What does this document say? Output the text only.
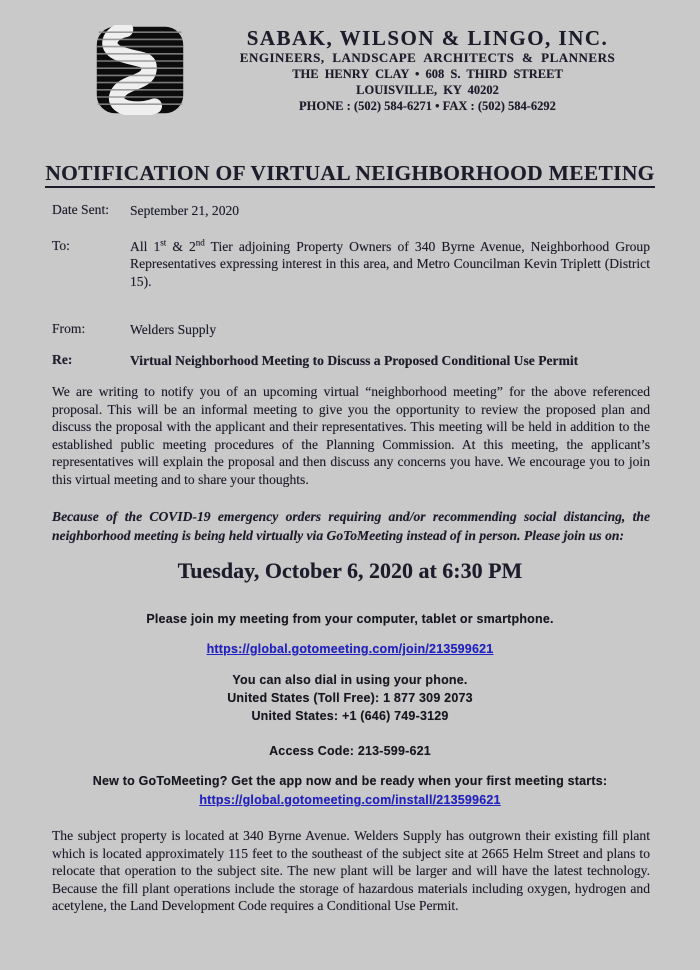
SABAK, WILSON & LINGO, INC.
ENGINEERS, LANDSCAPE ARCHITECTS & PLANNERS
THE HENRY CLAY • 608 S. THIRD STREET
LOUISVILLE, KY 40202
PHONE : (502) 584-6271 • FAX : (502) 584-6292
NOTIFICATION OF VIRTUAL NEIGHBORHOOD MEETING
Date Sent:	September 21, 2020
To:	All 1st & 2nd Tier adjoining Property Owners of 340 Byrne Avenue, Neighborhood Group Representatives expressing interest in this area, and Metro Councilman Kevin Triplett (District 15).
From:	Welders Supply
Re:	Virtual Neighborhood Meeting to Discuss a Proposed Conditional Use Permit

We are writing to notify you of an upcoming virtual “neighborhood meeting” for the above referenced proposal. This will be an informal meeting to give you the opportunity to review the proposed plan and discuss the proposal with the applicant and their representatives. This meeting will be held in addition to the established public meeting procedures of the Planning Commission. At this meeting, the applicant’s representatives will explain the proposal and then discuss any concerns you have. We encourage you to join this virtual meeting and to share your thoughts.

Because of the COVID-19 emergency orders requiring and/or recommending social distancing, the neighborhood meeting is being held virtually via GoToMeeting instead of in person. Please join us on:

Tuesday, October 6, 2020 at 6:30 PM
Please join my meeting from your computer, tablet or smartphone.
https://global.gotomeeting.com/join/213599621
You can also dial in using your phone.
United States (Toll Free): 1 877 309 2073
United States: +1 (646) 749-3129
Access Code: 213-599-621
New to GoToMeeting? Get the app now and be ready when your first meeting starts:
https://global.gotomeeting.com/install/213599621

The subject property is located at 340 Byrne Avenue. Welders Supply has outgrown their existing fill plant which is located approximately 115 feet to the southeast of the subject site at 2665 Helm Street and plans to relocate that operation to the subject site. The new plant will be larger and will have the latest technology. Because the fill plant operations include the storage of hazardous materials including oxygen, hydrogen and acetylene, the Land Development Code requires a Conditional Use Permit.
